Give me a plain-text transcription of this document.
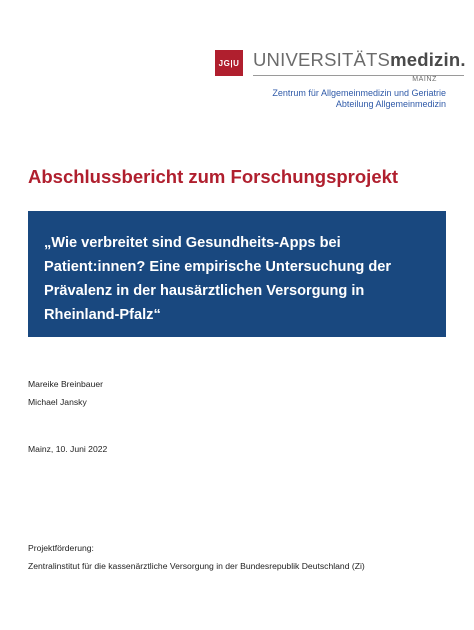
JG|U UNIVERSITÄTSmedizin.
MAINZ
Zentrum für Allgemeinmedizin und Geriatrie
Abteilung Allgemeinmedizin
Abschlussbericht zum Forschungsprojekt
„Wie verbreitet sind Gesundheits-Apps bei
Patient:innen? Eine empirische Untersuchung der
Prävalenz in der hausärztlichen Versorgung in
Rheinland-Pfalz“
Mareike Breinbauer
Michael Jansky
Mainz, 10. Juni 2022
Projektförderung:
Zentralinstitut für die kassenärztliche Versorgung in der Bundesrepublik Deutschland (Zi)
